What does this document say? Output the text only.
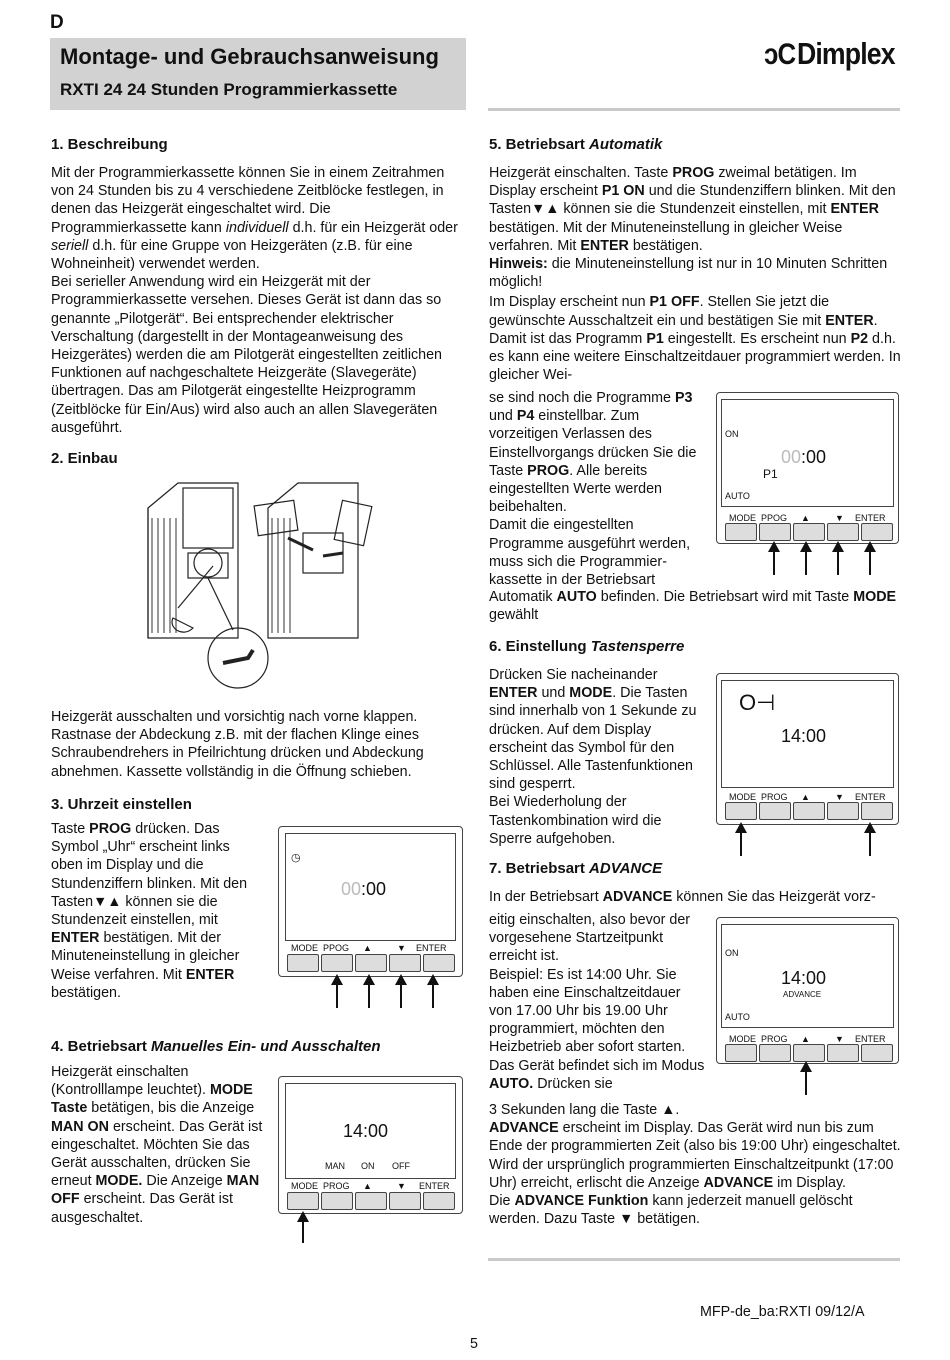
D
Montage- und Gebrauchsanweisung
RXTI 24 24 Stunden Programmierkassette
ɔCDimplex
1. Beschreibung

Mit der Programmierkassette können Sie in einem Zeitrahmen von 24 Stunden bis zu 4 verschiedene Zeitblöcke festlegen, in denen das Heizgerät eingeschaltet wird. Die Programmierkassette kann individuell d.h. für ein Heizgerät oder seriell d.h. für eine Gruppe von Heizgeräten (z.B. für eine Wohneinheit) verwendet werden.

Bei serieller Anwendung wird ein Heizgerät mit der Programmierkassette versehen. Dieses Gerät ist dann das so genannte „Pilotgerät“. Bei entsprechender elektrischer Verschaltung (dargestellt in der Montageanweisung des Heizgerätes) werden die am Pilotgerät eingestellten zeitlichen Funktionen auf nachgeschaltete Heizgeräte (Slavegeräte) übertragen. Das am Pilotgerät eingestellte Heizprogramm (Zeitblöcke für Ein/Aus) wird also auch an allen Slavegeräten ausgeführt.

2. Einbau
Heizgerät ausschalten und vorsichtig nach vorne klappen. Rastnase der Abdeckung z.B. mit der flachen Klinge eines Schraubendrehers in Pfeilrichtung drücken und Abdeckung abnehmen. Kassette vollständig in die Öffnung schieben.
3. Uhrzeit einstellen
Taste PROG drücken. Das Symbol „Uhr“ erscheint links oben im Display und die Stundenziffern blinken. Mit den Tasten▼▲ können sie die Stundenzeit einstellen, mit ENTER bestätigen. Mit der Minuteneinstellung in gleicher Weise verfahren. Mit ENTER bestätigen.
◷
00:00
MODE PPOG ▲	▼ ENTER
4. Betriebsart Manuelles Ein- und Ausschalten
Heizgerät einschalten (Kontrolllampe leuchtet). MODE Taste betätigen, bis die Anzeige MAN ON erscheint. Das Gerät ist eingeschaltet. Möchten Sie das Gerät ausschalten, drücken Sie erneut MODE. Die Anzeige MAN OFF erscheint. Das Gerät ist ausgeschaltet.
14:00
MAN ON OFF
MODE PROG ▲	▼ ENTER
5. Betriebsart Automatik

Heizgerät einschalten. Taste PROG zweimal betätigen. Im Display erscheint P1 ON und die Stundenziffern blinken. Mit den Tasten▼▲ können sie die Stundenzeit einstellen, mit ENTER bestätigen. Mit der Minuteneinstellung in gleicher Weise verfahren. Mit ENTER bestätigen.

Hinweis: die Minuteneinstellung ist nur in 10 Minuten Schritten möglich!

Im Display erscheint nun P1 OFF. Stellen Sie jetzt die gewünschte Ausschaltzeit ein und bestätigen Sie mit ENTER. Damit ist das Programm P1 eingestellt. Es erscheint nun P2 d.h. es kann eine weitere Einschaltzeitdauer programmiert werden. In gleicher Wei-

se sind noch die Programme P3 und P4 einstellbar. Zum vorzeitigen Verlassen des Einstellvorgangs drücken Sie die Taste PROG. Alle bereits eingestellten Werte werden beibehalten.

Damit die eingestellten Programme ausgeführt werden, muss sich die Programmier-kassette in der Betriebsart

Automatik AUTO befinden. Die Betriebsart wird mit Taste MODE gewählt
ON
00:00
P1
AUTO
MODE PPOG ▲	▼ ENTER
6. Einstellung Tastensperre

Drücken Sie nacheinander ENTER und MODE. Die Tasten sind innerhalb von 1 Sekunde zu drücken. Auf dem Display erscheint das Symbol für den Schlüssel. Alle Tastenfunktionen sind gesperrt.

Bei Wiederholung der Tastenkombination wird die Sperre aufgehoben.

O⊣
14:00
MODE PROG ▲	▼ ENTER
7. Betriebsart ADVANCE
In der Betriebsart ADVANCE können Sie das Heizgerät vorz-

eitig einschalten, also bevor der vorgesehene Startzeitpunkt erreicht ist.

Beispiel: Es ist 14:00 Uhr. Sie haben eine Einschaltzeitdauer von 17.00 Uhr bis 19.00 Uhr programmiert, möchten den Heizbetrieb aber sofort starten. Das Gerät befindet sich im Modus AUTO. Drücken sie

3 Sekunden lang die Taste ▲.

ADVANCE erscheint im Display. Das Gerät wird nun bis zum Ende der programmierten Zeit (also bis 19:00 Uhr) eingeschaltet. Wird der ursprünglich programmierten Einschaltzeitpunkt (17:00 Uhr) erreicht, erlischt die Anzeige ADVANCE im Display.

Die ADVANCE Funktion kann jederzeit manuell gelöscht werden. Dazu Taste ▼ betätigen.

ON
14:00
ADVANCE
AUTO
MODE PROG ▲	▼ ENTER
MFP-de_ba:RXTI 09/12/A
5
